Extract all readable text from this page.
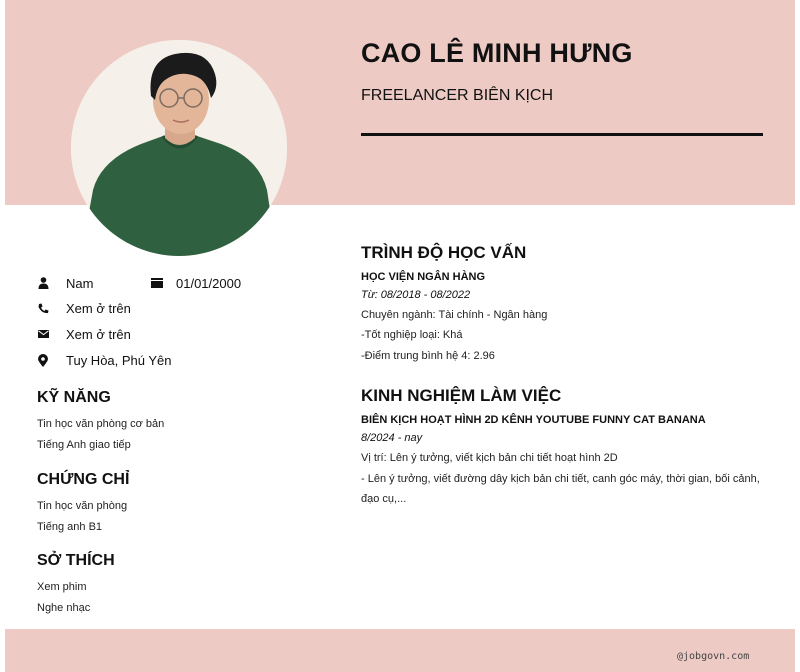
CAO LÊ MINH HƯNG
FREELANCER BIÊN KỊCH
Nam	01/01/2000
Xem ở trên
Xem ở trên
Tuy Hòa, Phú Yên
KỸ NĂNG
Tin học văn phòng cơ bản
Tiếng Anh giao tiếp
CHỨNG CHỈ
Tin học văn phòng
Tiếng anh B1
SỞ THÍCH
Xem phim
Nghe nhạc
TRÌNH ĐỘ HỌC VẤN
HỌC VIỆN NGÂN HÀNG
Từ: 08/2018 - 08/2022
Chuyên ngành: Tài chính - Ngân hàng
-Tốt nghiệp loại: Khá
-Điểm trung bình hệ 4: 2.96
KINH NGHIỆM LÀM VIỆC
BIÊN KỊCH HOẠT HÌNH 2D KÊNH YOUTUBE FUNNY CAT BANANA
8/2024 - nay
Vị trí: Lên ý tưởng, viết kịch bản chi tiết hoạt hình 2D
- Lên ý tưởng, viết đường dây kịch bản chi tiết, canh góc máy, thời gian, bối cảnh, đạo cụ,...
@jobgovn.com
